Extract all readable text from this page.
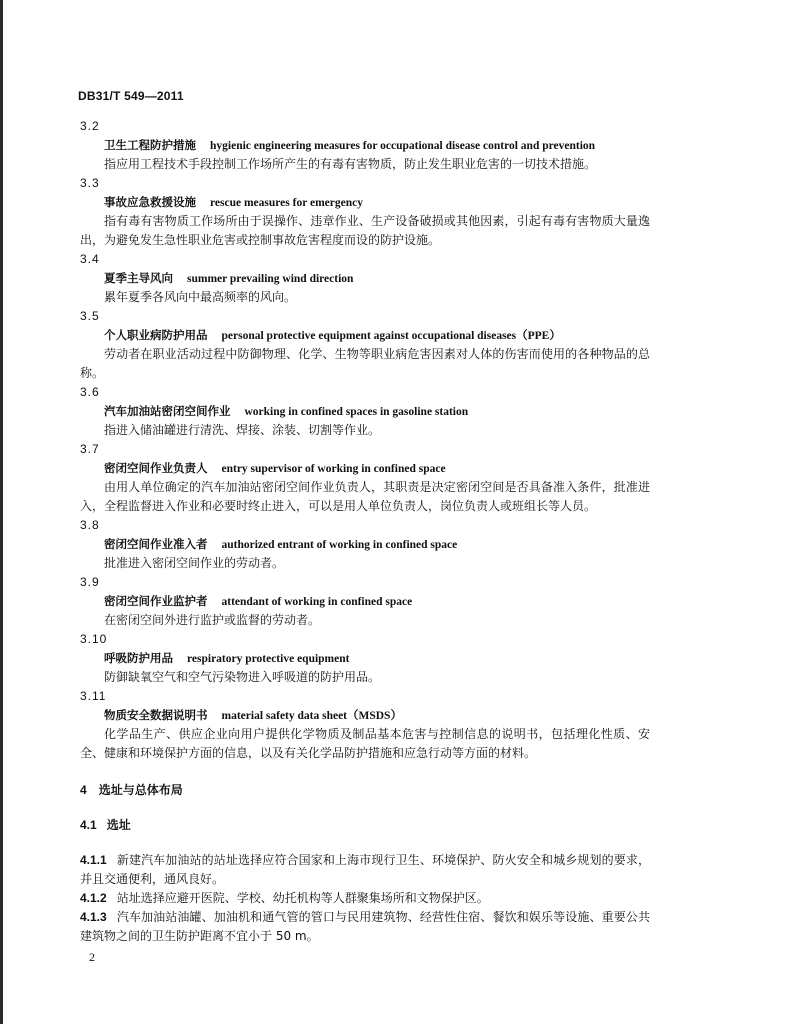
DB31/T 549—2011
3.2
卫生工程防护措施 hygienic engineering measures for occupational disease control and prevention
指应用工程技术手段控制工作场所产生的有毒有害物质，防止发生职业危害的一切技术措施。
3.3
事故应急救援设施 rescue measures for emergency
指有毒有害物质工作场所由于误操作、违章作业、生产设备破损或其他因素，引起有毒有害物质大量逸出，为避免发生急性职业危害或控制事故危害程度而设的防护设施。
3.4
夏季主导风向 summer prevailing wind direction
累年夏季各风向中最高频率的风向。
3.5
个人职业病防护用品 personal protective equipment against occupational diseases（PPE）
劳动者在职业活动过程中防御物理、化学、生物等职业病危害因素对人体的伤害而使用的各种物品的总称。
3.6
汽车加油站密闭空间作业 working in confined spaces in gasoline station
指进入储油罐进行清洗、焊接、涂装、切割等作业。
3.7
密闭空间作业负责人 entry supervisor of working in confined space
由用人单位确定的汽车加油站密闭空间作业负责人，其职责是决定密闭空间是否具备准入条件，批准进入，全程监督进入作业和必要时终止进入，可以是用人单位负责人，岗位负责人或班组长等人员。
3.8
密闭空间作业准入者 authorized entrant of working in confined space
批准进入密闭空间作业的劳动者。
3.9
密闭空间作业监护者 attendant of working in confined space
在密闭空间外进行监护或监督的劳动者。
3.10
呼吸防护用品 respiratory protective equipment
防御缺氧空气和空气污染物进入呼吸道的防护用品。
3.11
物质安全数据说明书 material safety data sheet（MSDS）
化学品生产、供应企业向用户提供化学物质及制品基本危害与控制信息的说明书，包括理化性质、安全、健康和环境保护方面的信息，以及有关化学品防护措施和应急行动等方面的材料。
4 选址与总体布局
4.1 选址
4.1.1 新建汽车加油站的站址选择应符合国家和上海市现行卫生、环境保护、防火安全和城乡规划的要求，并且交通便利，通风良好。
4.1.2 站址选择应避开医院、学校、幼托机构等人群聚集场所和文物保护区。
4.1.3 汽车加油站油罐、加油机和通气管的管口与民用建筑物、经营性住宿、餐饮和娱乐等设施、重要公共建筑物之间的卫生防护距离不宜小于 50 m。
2
